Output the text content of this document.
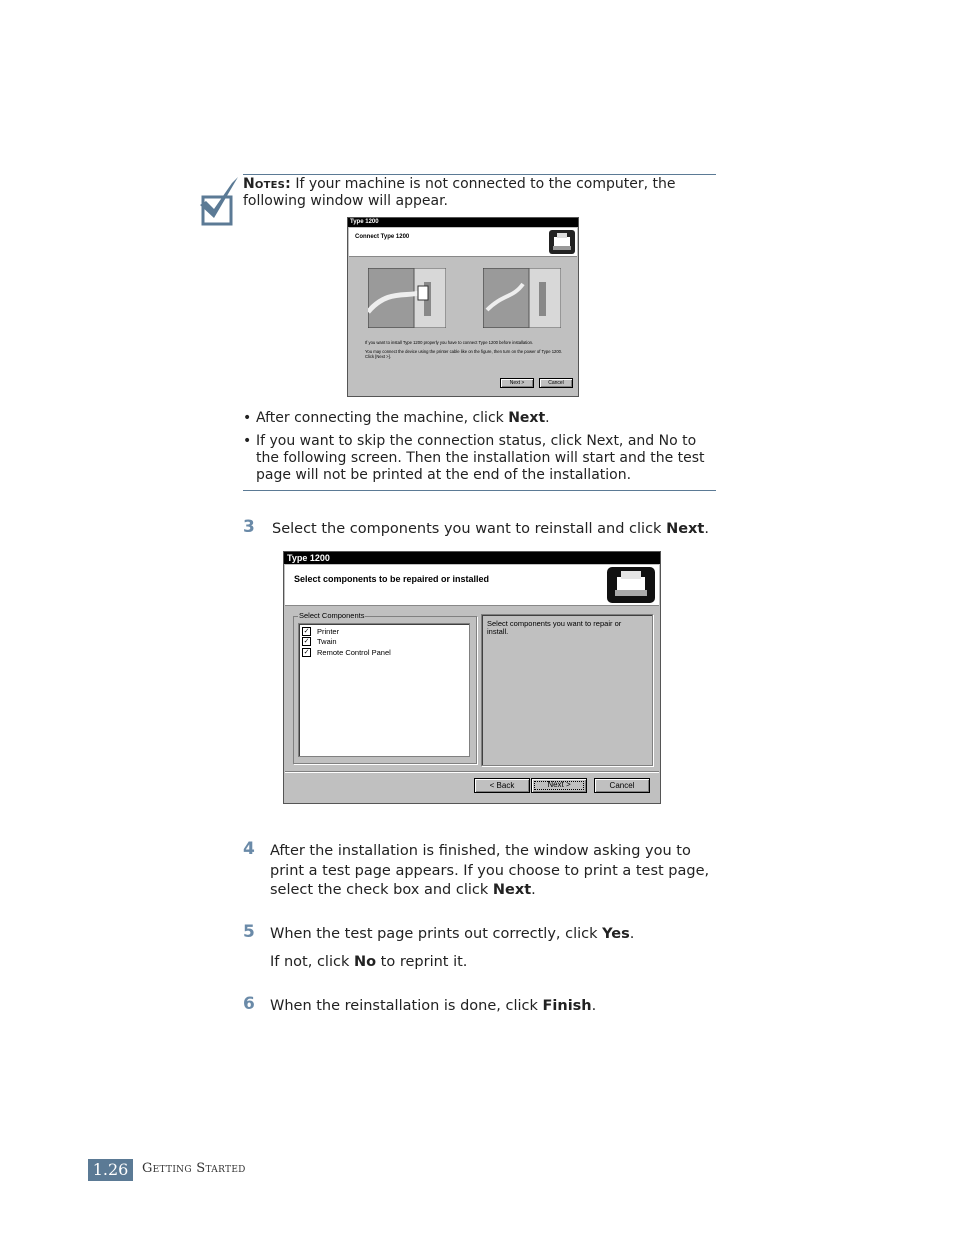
Notes: If your machine is not connected to the computer, the following window will appear.
Type 1200
Connect Type 1200
If you want to install Type 1200 properly you have to connect Type 1200 before installation.
You may connect the device using the printer cable like on the figure, then turn on the power of Type 1200.
Click [Next >].
Next >	Cancel
• After connecting the machine, click Next.
• If you want to skip the connection status, click Next, and No to the following screen. Then the installation will start and the test page will not be printed at the end of the installation.
3 Select the components you want to reinstall and click Next.
Type 1200
Select components to be repaired or installed
Select Components
✓ Printer
✓ Twain
✓ Remote Control Panel
Select components you want to repair or install.
< Back	Next >	Cancel
4 After the installation is finished, the window asking you to print a test page appears. If you choose to print a test page, select the check box and click Next.
5 When the test page prints out correctly, click Yes.
If not, click No to reprint it.
6 When the reinstallation is done, click Finish.
1.26	Getting Started
